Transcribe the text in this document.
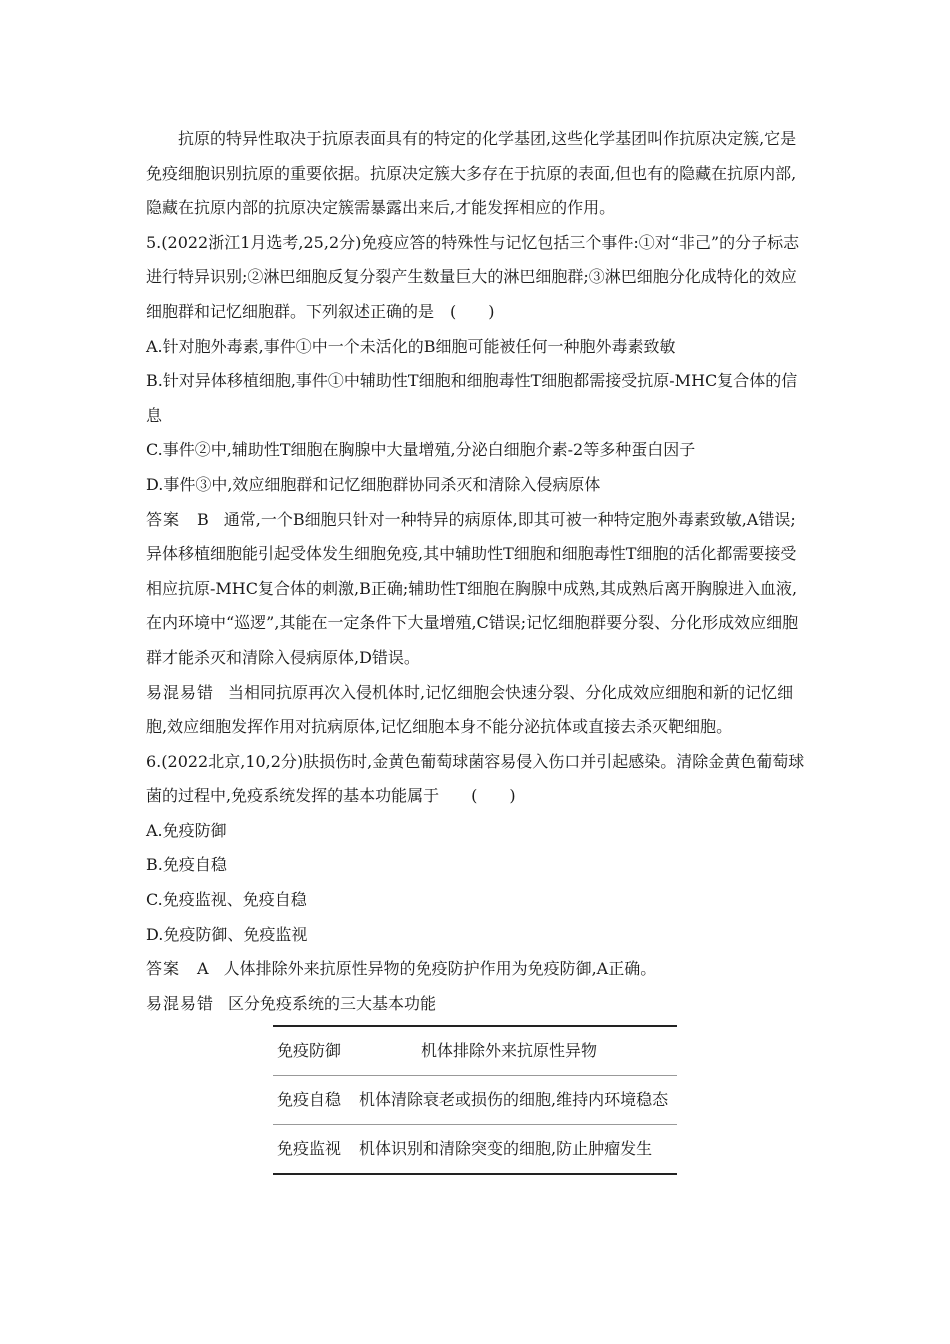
抗原的特异性取决于抗原表面具有的特定的化学基团,这些化学基团叫作抗原决定簇,它是免疫细胞识别抗原的重要依据。抗原决定簇大多存在于抗原的表面,但也有的隐藏在抗原内部,隐藏在抗原内部的抗原决定簇需暴露出来后,才能发挥相应的作用。

5.(2022浙江1月选考,25,2分)免疫应答的特殊性与记忆包括三个事件:①对“非己”的分子标志进行特异识别;②淋巴细胞反复分裂产生数量巨大的淋巴细胞群;③淋巴细胞分化成特化的效应细胞群和记忆细胞群。下列叙述正确的是　(　　)

A.针对胞外毒素,事件①中一个未活化的B细胞可能被任何一种胞外毒素致敏

B.针对异体移植细胞,事件①中辅助性T细胞和细胞毒性T细胞都需接受抗原-MHC复合体的信息

C.事件②中,辅助性T细胞在胸腺中大量增殖,分泌白细胞介素-2等多种蛋白因子

D.事件③中,效应细胞群和记忆细胞群协同杀灭和清除入侵病原体

答案　B 通常,一个B细胞只针对一种特异的病原体,即其可被一种特定胞外毒素致敏,A错误;异体移植细胞能引起受体发生细胞免疫,其中辅助性T细胞和细胞毒性T细胞的活化都需要接受相应抗原-MHC复合体的刺激,B正确;辅助性T细胞在胸腺中成熟,其成熟后离开胸腺进入血液,在内环境中“巡逻”,其能在一定条件下大量增殖,C错误;记忆细胞群要分裂、分化形成效应细胞群才能杀灭和清除入侵病原体,D错误。

易混易错 当相同抗原再次入侵机体时,记忆细胞会快速分裂、分化成效应细胞和新的记忆细胞,效应细胞发挥作用对抗病原体,记忆细胞本身不能分泌抗体或直接去杀灭靶细胞。

6.(2022北京,10,2分)肤损伤时,金黄色葡萄球菌容易侵入伤口并引起感染。清除金黄色葡萄球菌的过程中,免疫系统发挥的基本功能属于　　(　　)

A.免疫防御

B.免疫自稳

C.免疫监视、免疫自稳

D.免疫防御、免疫监视

答案　A 人体排除外来抗原性异物的免疫防护作用为免疫防御,A正确。

易混易错 区分免疫系统的三大基本功能

免疫防御	机体排除外来抗原性异物
免疫自稳	机体清除衰老或损伤的细胞,维持内环境稳态
免疫监视	机体识别和清除突变的细胞,防止肿瘤发生
